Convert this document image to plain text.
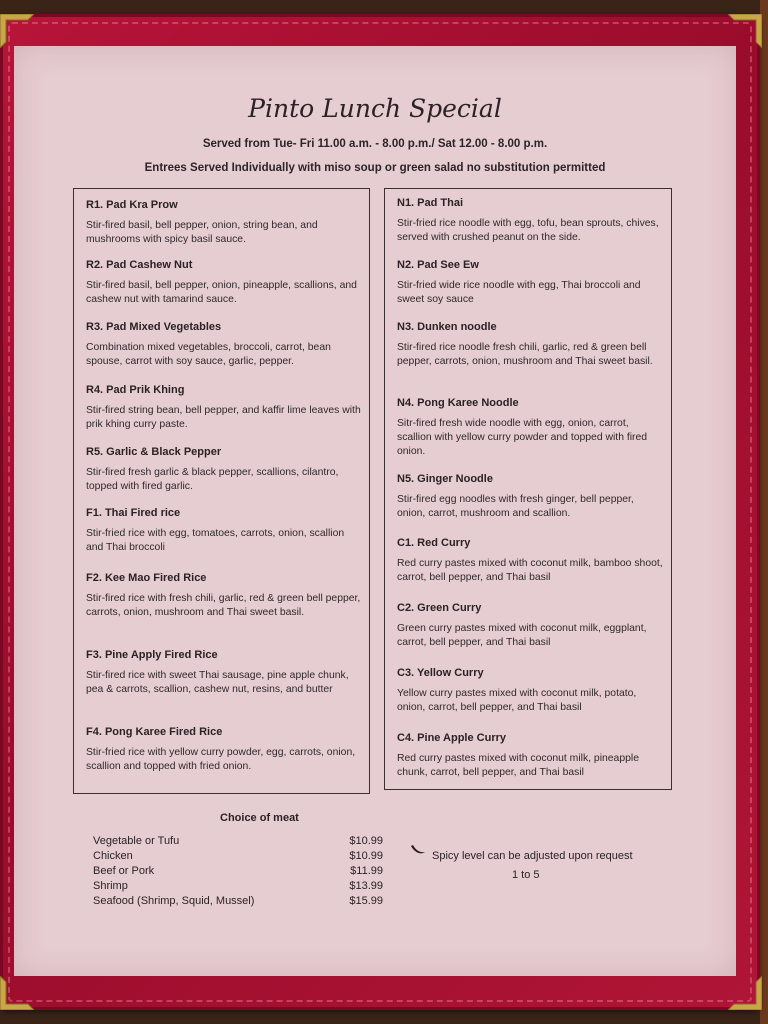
Pinto Lunch Special
Served from Tue- Fri 11.00 a.m. - 8.00 p.m./ Sat 12.00 - 8.00 p.m.
Entrees Served Individually with miso soup or green salad no substitution permitted
R1. Pad Kra Prow
Stir-fired basil, bell pepper, onion, string bean, and mushrooms with spicy basil sauce.
R2. Pad Cashew Nut
Stir-fired basil, bell pepper, onion, pineapple, scallions, and cashew nut with tamarind sauce.
R3. Pad Mixed Vegetables
Combination mixed vegetables, broccoli, carrot, bean spouse, carrot with soy sauce, garlic, pepper.
R4. Pad Prik Khing
Stir-fired string bean, bell pepper, and kaffir lime leaves with prik khing curry paste.
R5. Garlic & Black Pepper
Stir-fired fresh garlic & black pepper, scallions, cilantro, topped with fired garlic.
F1. Thai Fired rice
Stir-fried rice with egg, tomatoes, carrots, onion, scallion and Thai broccoli
F2. Kee Mao Fired Rice
Stir-fired rice with fresh chili, garlic, red & green bell pepper, carrots, onion, mushroom and Thai sweet basil.
F3. Pine Apply Fired Rice
Stir-fired rice with sweet Thai sausage, pine apple chunk, pea & carrots, scallion, cashew nut, resins, and butter
F4. Pong Karee Fired Rice
Stir-fried rice with yellow curry powder, egg, carrots, onion, scallion and topped with fried onion.
N1. Pad Thai
Stir-fried rice noodle with egg, tofu, bean sprouts, chives, served with crushed peanut on the side.
N2. Pad See Ew
Stir-fried wide rice noodle with egg, Thai broccoli and sweet soy sauce
N3. Dunken noodle
Stir-fired rice noodle fresh chili, garlic, red & green bell pepper, carrots, onion, mushroom and Thai sweet basil.
N4. Pong Karee Noodle
Sitr-fired fresh wide noodle with egg, onion, carrot, scallion with yellow curry powder and topped with fired onion.
N5. Ginger Noodle
Stir-fired egg noodles with fresh ginger, bell pepper, onion, carrot, mushroom and scallion.
C1. Red Curry
Red curry pastes mixed with coconut milk, bamboo shoot, carrot, bell pepper, and Thai basil
C2. Green Curry
Green curry pastes mixed with coconut milk, eggplant, carrot, bell pepper, and Thai basil
C3. Yellow Curry
Yellow curry pastes mixed with coconut milk, potato, onion, carrot, bell pepper, and Thai basil
C4. Pine Apple Curry
Red curry pastes mixed with coconut milk, pineapple chunk, carrot, bell pepper, and Thai basil
Choice of meat
Vegetable or Tufu	$10.99
Chicken	$10.99
Beef or Pork	$11.99
Shrimp	$13.99
Seafood (Shrimp, Squid, Mussel)	$15.99
Spicy level can be adjusted upon request
1 to 5
